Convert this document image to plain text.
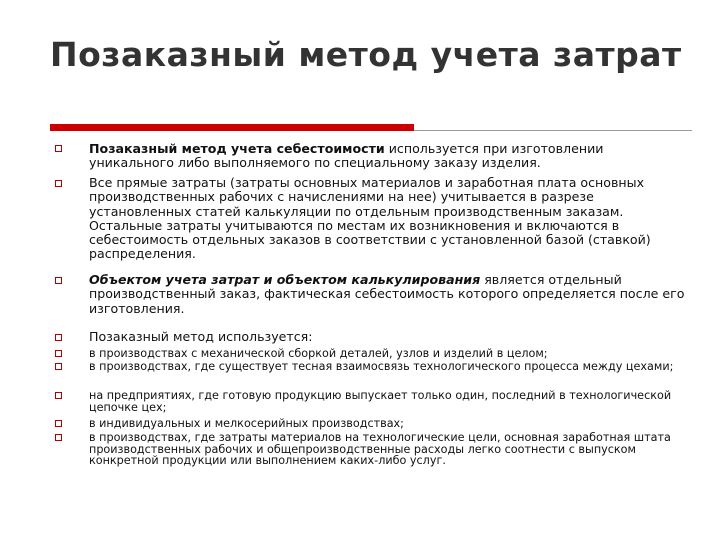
Позаказный метод учета затрат
Позаказный метод учета себестоимости используется при изготовлении уникального либо выполняемого по специальному заказу изделия.
Все прямые затраты (затраты основных материалов и заработная плата основных производственных рабочих с начислениями на нее) учитывается в разрезе установленных статей калькуляции по отдельным производственным заказам. Остальные затраты учитываются по местам их возникновения и включаются в себестоимость отдельных заказов в соответствии с установленной базой (ставкой) распределения.
Объектом учета затрат и объектом калькулирования является отдельный производственный заказ, фактическая себестоимость которого определяется после его изготовления.
Позаказный метод используется:
в производствах с механической сборкой деталей, узлов и изделий в целом;
в производствах, где существует тесная взаимосвязь технологического процесса между цехами;
на предприятиях, где готовую продукцию выпускает только один, последний в технологической цепочке цех;
в индивидуальных и мелкосерийных производствах;
в производствах, где затраты материалов на технологические цели, основная заработная штата производственных рабочих и общепроизводственные расходы легко соотнести с выпуском конкретной продукции или выполнением каких-либо услуг.
